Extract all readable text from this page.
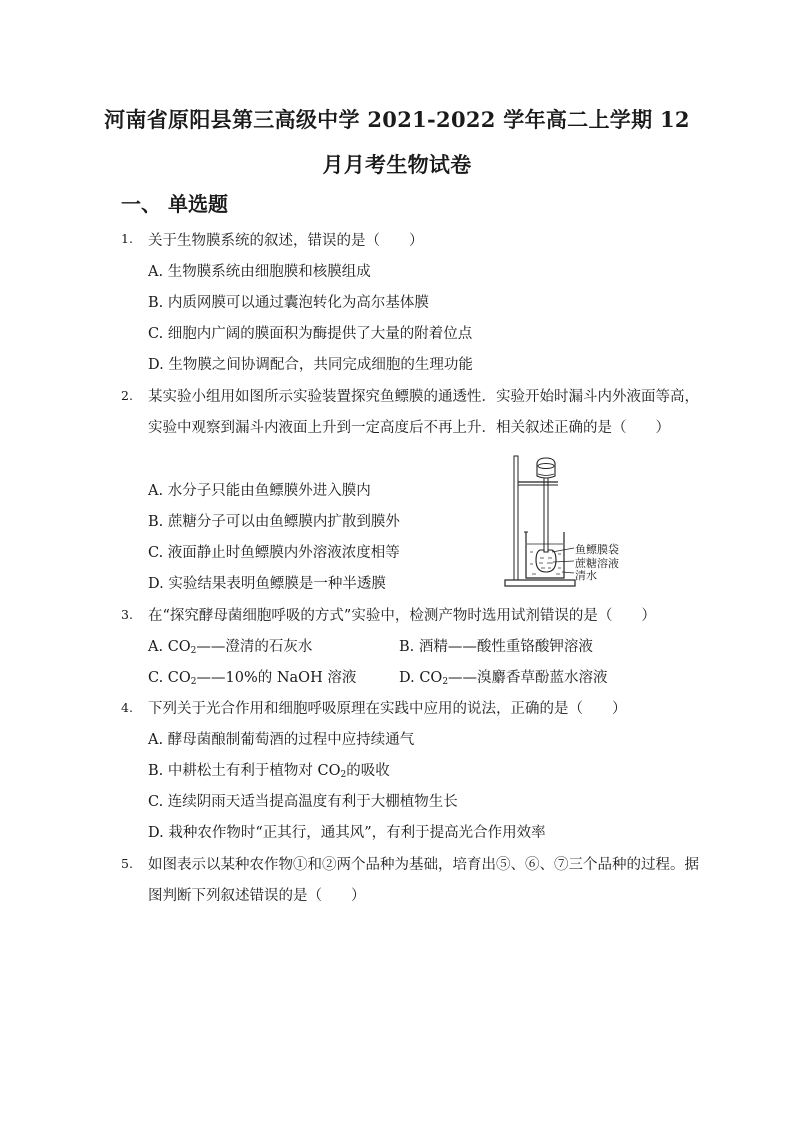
河南省原阳县第三高级中学 2021-2022 学年高二上学期 12
月月考生物试卷
一、 单选题
1. 关于生物膜系统的叙述，错误的是（　　）
A. 生物膜系统由细胞膜和核膜组成
B. 内质网膜可以通过囊泡转化为高尔基体膜
C. 细胞内广阔的膜面积为酶提供了大量的附着位点
D. 生物膜之间协调配合，共同完成细胞的生理功能
2. 某实验小组用如图所示实验装置探究鱼鳔膜的通透性．实验开始时漏斗内外液面等高，
实验中观察到漏斗内液面上升到一定高度后不再上升．相关叙述正确的是（　　）
A. 水分子只能由鱼鳔膜外进入膜内
B. 蔗糖分子可以由鱼鳔膜内扩散到膜外
C. 液面静止时鱼鳔膜内外溶液浓度相等
D. 实验结果表明鱼鳔膜是一种半透膜
鱼鳔膜袋
蔗糖溶液
清水
3. 在“探究酵母菌细胞呼吸的方式”实验中，检测产物时选用试剂错误的是（　　）
A. $CO_2——$澄清的石灰水	B. 酒精——酸性重铬酸钾溶液
C. $CO_2——10\%$的 NaOH 溶液	D. $CO_2——$溴麝香草酚蓝水溶液
4. 下列关于光合作用和细胞呼吸原理在实践中应用的说法，正确的是（　　）
A. 酵母菌酿制葡萄酒的过程中应持续通气
B. 中耕松土有利于植物对 $CO_2$的吸收
C. 连续阴雨天适当提高温度有利于大棚植物生长
D. 栽种农作物时“正其行，通其风”，有利于提高光合作用效率
5. 如图表示以某种农作物①和②两个品种为基础，培育出⑤、⑥、⑦三个品种的过程。据
图判断下列叙述错误的是（　　）
